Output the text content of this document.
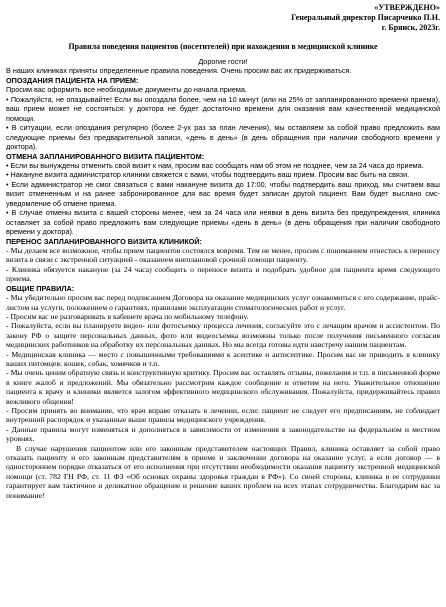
«УТВЕРЖДЕНО»
Генеральный директор Писарченко П.Н.
г. Брянск, 2023г.
Правила поведения пациентов (посетителей) при нахождении в медицинской клинике

Дорогие гости!

В наших клиниках приняты определенные правила поведения. Очень просим вас их придерживаться.

ОПОЗДАНИЯ ПАЦИЕНТА НА ПРИЕМ:

Просим вас оформить все необходимые документы до начала приема.

• Пожалуйста, не опаздывайте! Если вы опоздали более, чем на 10 минут (или на 25% от запланированного времени приема), ваш прием может не состояться: у доктора не будет достаточно времени для оказания вам качественной медицинской помощи.

• В ситуации, если опоздания регулярно (более 2-ух раз за план лечения), мы оставляем за собой право предложить вам следующие приемы без предварительной записи, «день в день» (в день обращения при наличии свободного времени у доктора).

ОТМЕНА ЗАПЛАНИРОВАННОГО ВИЗИТА ПАЦИЕНТОМ:

• Если вы вынуждены отменить свой визит к нам, просим вас сообщать нам об этом не позднее, чем за 24 часа до приема.

• Накануне визита администратор клиники свяжется с вами, чтобы подтвердить ваш прием. Просим вас быть на связи.

• Если администратор не смог связаться с вами накануне визита до 17:00, чтобы подтвердить ваш приход, мы считаем ваш визит отмененным и на ранее забронированное для вас время будет записан другой пациент. Вам будет выслано смс-уведомление об отмене приема.

• В случае отмены визита с вашей стороны менее, чем за 24 часа или неявки в день визита без предупреждения, клиника оставляет за собой право предложить вам следующие приемы «день в день» (в день обращения при наличии свободного времени у доктора).

ПЕРЕНОС ЗАПЛАНИРОВАННОГО ВИЗИТА КЛИНИКОЙ:

- Мы делаем все возможное, чтобы прием пациентов состоялся вовремя. Тем не менее, просим с пониманием отнестись к переносу визита в связи с экстренной ситуацией - оказанием внеплановой срочной помощи пациенту.

- Клиника обязуется накануне (за 24 часа) сообщить о переносе визита и подобрать удобное для пациента время следующего приема.

ОБЩИЕ ПРАВИЛА:

- Мы убедительно просим вас перед подписанием Договора на оказание медицинских услуг ознакомиться с его содержание, прайс-листом на услуги, положением о гарантиях, правилами эксплуатации стоматологических работ и услуг.

- Просим вас не разговаривать в кабинете врача по мобильному телефону.

- Пожалуйста, если вы планируете видео- или фотосъемку процесса лечения, согласуйте это с лечащим врачом и ассистентом. По закону РФ о защите персональных данных, фото или видеосъемка возможны только после получения письменного согласия медицинских работников на обработку их персональных данных. Но мы всегда готовы идти навстречу нашим пациентам.

- Медицинская клиника — место с повышенными требованиями к асептике и антисептике. Просим вас не приводить в клинику ваших питомцев: кошек, собак, хомячков и т.п.

- Мы очень ценим обратную связь и конструктивную критику. Просим вас оставлять отзывы, пожелания и т.п. в письменной форме в книге жалоб и предложений. Мы обязательно рассмотрим каждое сообщение и ответим на него. Уважительное отношение пациента к врачу и клиники является залогом эффективного медицинского обслуживания. Пожалуйста, придерживайтесь правил вежливого общения!

- Просим принять во внимание, что врач вправе отказать в лечении, если: пациент не следует его предписаниям, не соблюдает внутренний распорядок и указанные выше правила медицинского учреждения.

- Данные правила могут изменяться и дополняться в зависимости от изменения в законодательстве на федеральном и местном уровнях.

В случае нарушения пациентом или его законным представителем настоящих Правил, клиника оставляет за собой право отказать пациенту и его законным представителям в приеме и заключении договора на оказание услуг, а если договор — в одностороннем порядке отказаться от его исполнения при отсутствии необходимости оказания пациенту экстренной медицинской помощи (ст. 782 ГН РФ, ст. 11 ФЗ «Об основах охраны здоровья граждан в РФ»). Со своей стороны, клиника и ее сотрудники гарантирует вам тактичное и деликатное обращение и решение ваших проблем на всех этапах сотрудничества. Благодарим вас за понимание!
